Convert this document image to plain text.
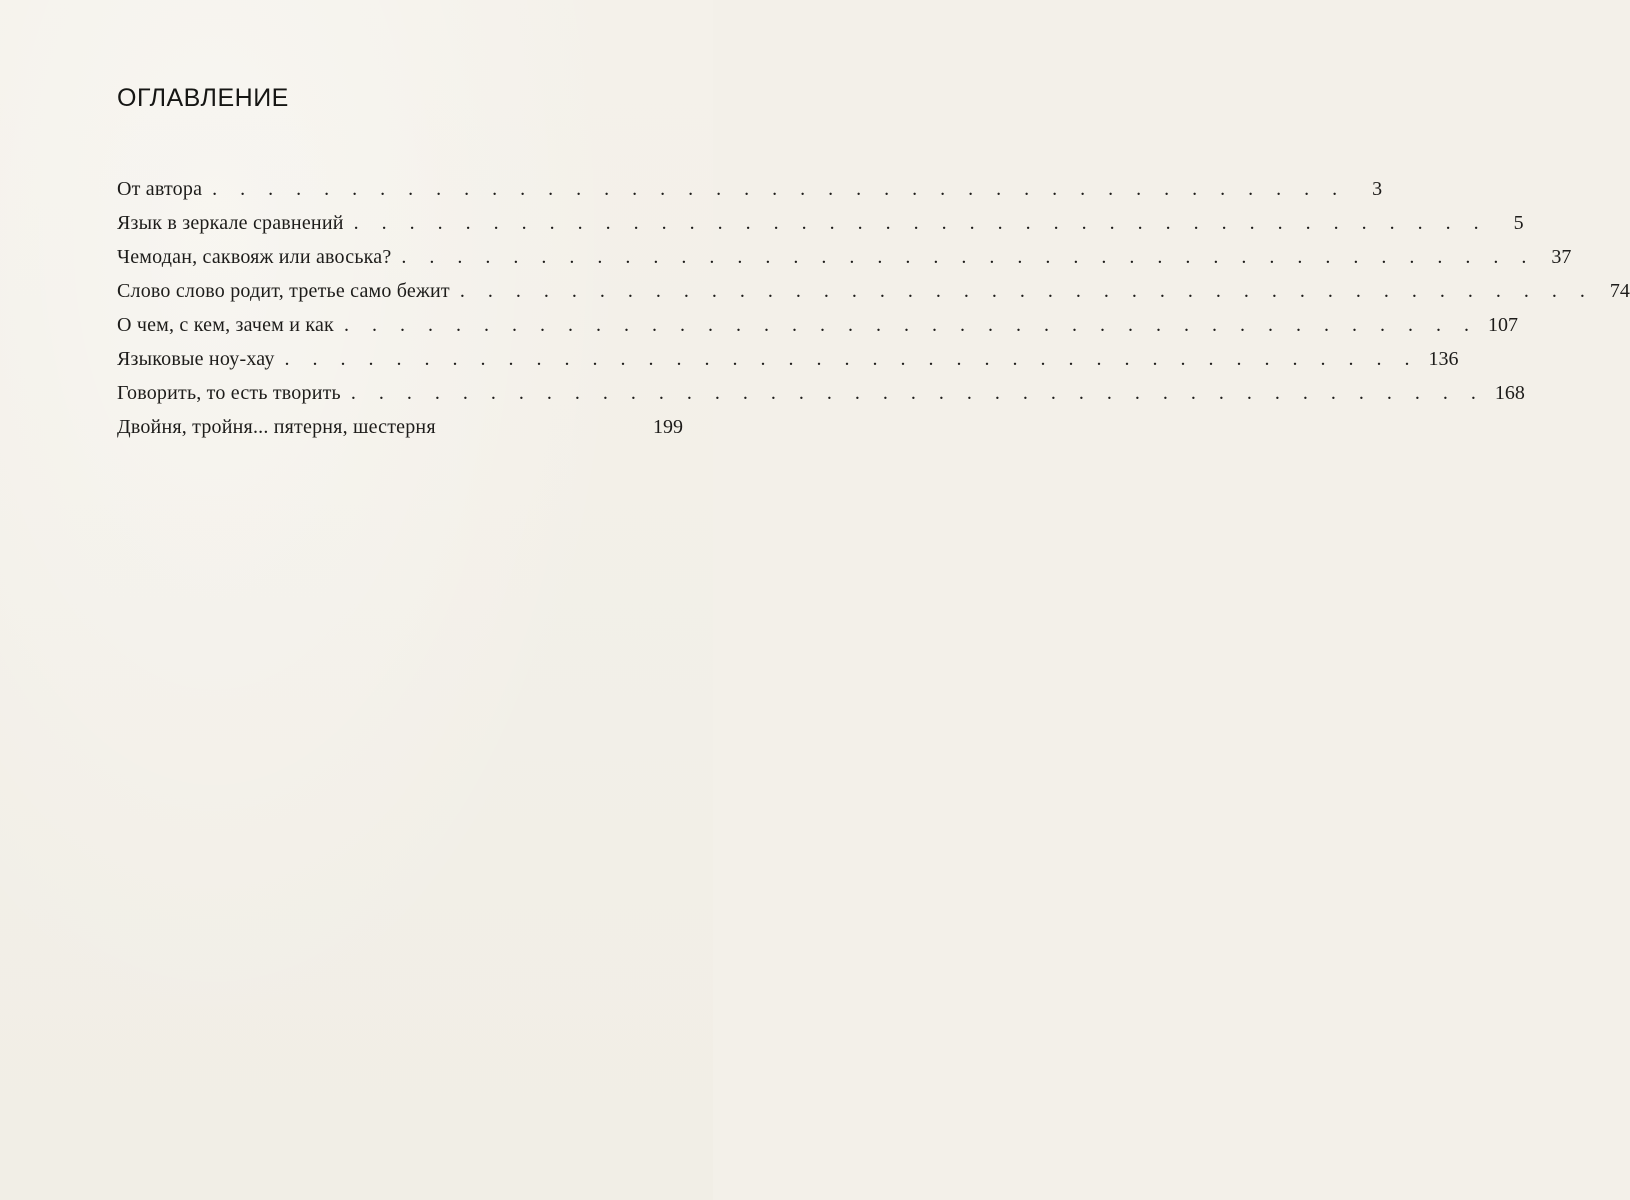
ОГЛАВЛЕНИЕ
От автора . . . . . . . . . . . . . . . . . . . . . . . . . . . . . . . . . . . . . . . . .	3
Язык в зеркале сравнений . . . . . . . . . . . . . . . . . . . . . . . . . . . . . . . . . . . . . . . . .	5
Чемодан, саквояж или авоська? . . . . . . . . . . . . . . . . . . . . . . . . . . . . . . . . . . . . . . . . . 37
Слово слово родит, третье само бежит . . . . . . . . . . . . . . . . . . . . . . . . . . . . . . . . . . . . . . . . . 74
О чем, с кем, зачем и как . . . . . . . . . . . . . . . . . . . . . . . . . . . . . . . . . . . . . . . . . 107
Языковые ноу-хау . . . . . . . . . . . . . . . . . . . . . . . . . . . . . . . . . . . . . . . . . 136
Говорить, то есть творить . . . . . . . . . . . . . . . . . . . . . . . . . . . . . . . . . . . . . . . . . 168
Двойня, тройня... пятерня, шестерня	199
